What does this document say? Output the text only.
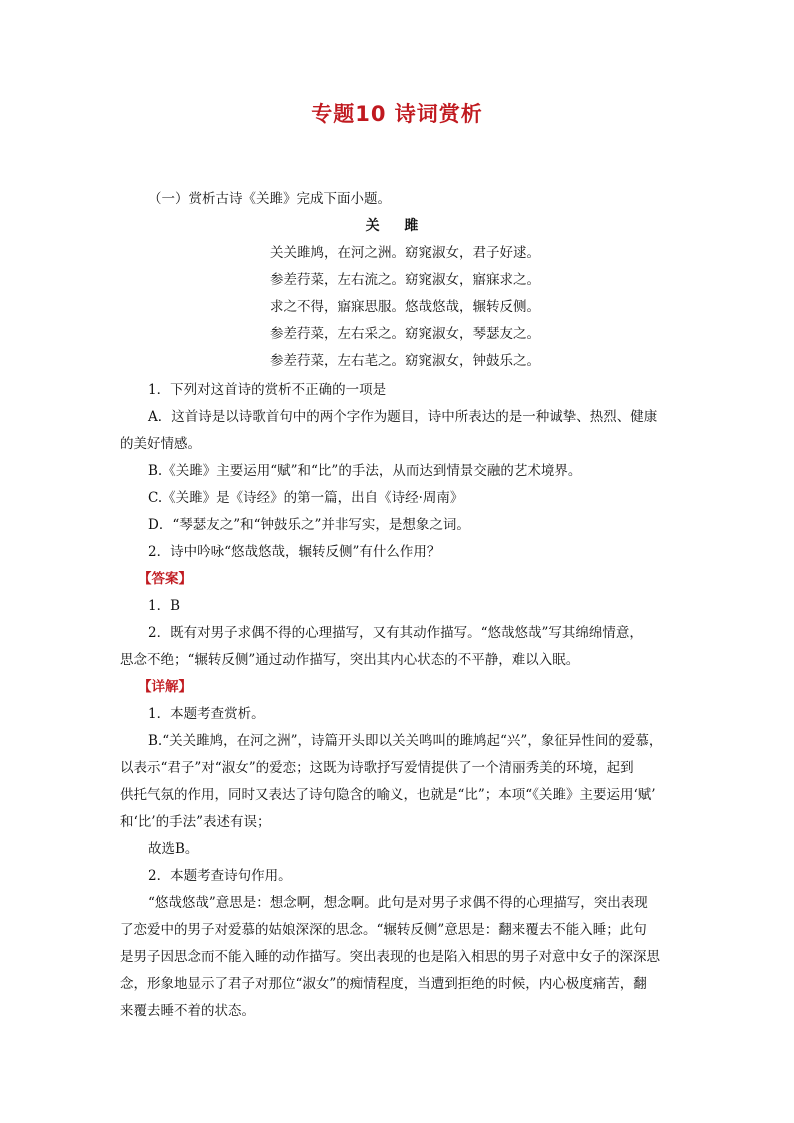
专题10 诗词赏析
（一）赏析古诗《关雎》完成下面小题。
关 雎
关关雎鸠，在河之洲。窈窕淑女，君子好逑。
参差荇菜，左右流之。窈窕淑女，寤寐求之。
求之不得，寤寐思服。悠哉悠哉，辗转反侧。
参差荇菜，左右采之。窈窕淑女，琴瑟友之。
参差荇菜，左右芼之。窈窕淑女，钟鼓乐之。
1．下列对这首诗的赏析不正确的一项是
A．这首诗是以诗歌首句中的两个字作为题目，诗中所表达的是一种诚挚、热烈、健康
的美好情感。
B.《关雎》主要运用“赋”和“比”的手法，从而达到情景交融的艺术境界。
C.《关雎》是《诗经》的第一篇，出自《诗经·周南》
D．“琴瑟友之”和“钟鼓乐之”并非写实，是想象之词。
2．诗中吟咏“悠哉悠哉，辗转反侧”有什么作用？
【答案】
1．B
2．既有对男子求偶不得的心理描写，又有其动作描写。“悠哉悠哉”写其绵绵情意，
思念不绝；“辗转反侧”通过动作描写，突出其内心状态的不平静，难以入眠。
【详解】
1．本题考查赏析。
B.“关关雎鸠，在河之洲”，诗篇开头即以关关鸣叫的雎鸠起“兴”，象征异性间的爱慕，
以表示“君子”对“淑女”的爱恋；这既为诗歌抒写爱情提供了一个清丽秀美的环境，起到
供托气氛的作用，同时又表达了诗句隐含的喻义，也就是“比”；本项“《关雎》主要运用‘赋’
和‘比’的手法”表述有误；
故选B。
2．本题考查诗句作用。
“悠哉悠哉”意思是：想念啊，想念啊。此句是对男子求偶不得的心理描写，突出表现
了恋爱中的男子对爱慕的姑娘深深的思念。“辗转反侧”意思是：翻来覆去不能入睡；此句
是男子因思念而不能入睡的动作描写。突出表现的也是陷入相思的男子对意中女子的深深思
念，形象地显示了君子对那位“淑女”的痴情程度，当遭到拒绝的时候，内心极度痛苦，翻
来覆去睡不着的状态。
